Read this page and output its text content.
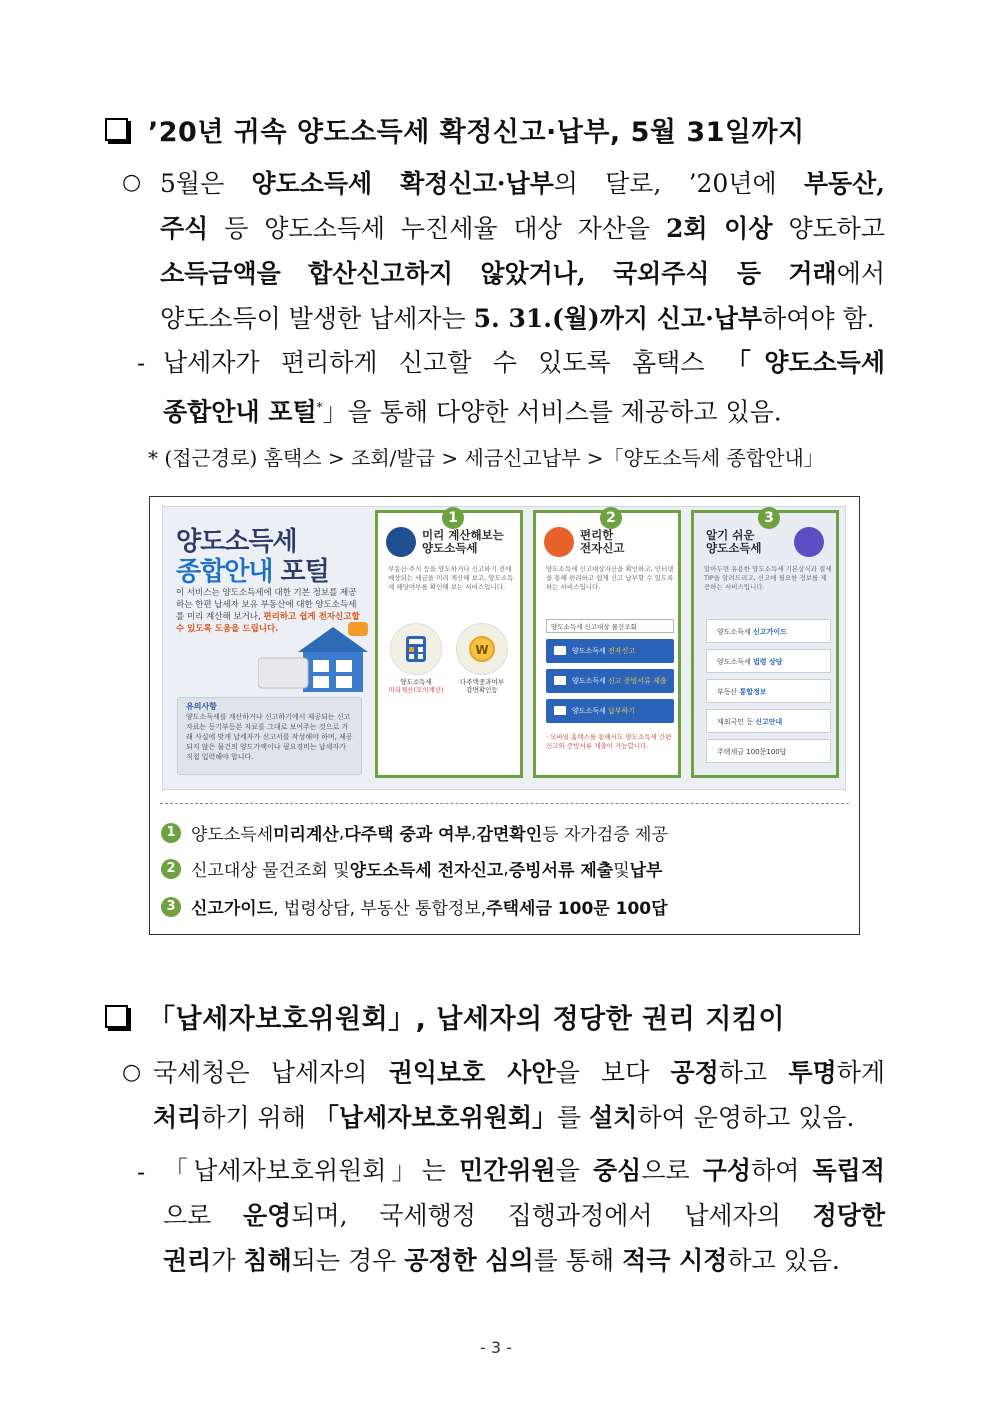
’20년 귀속 양도소득세 확정신고·납부, 5월 31일까지
○ 5월은 양도소득세 확정신고·납부의 달로, ’20년에 부동산,
주식 등 양도소득세 누진세율 대상 자산을 2회 이상 양도하고
소득금액을 합산신고하지 않았거나, 국외주식 등 거래에서
양도소득이 발생한 납세자는 5. 31.(월)까지 신고·납부하여야 함.
- 납세자가 편리하게 신고할 수 있도록 홈택스 「양도소득세
종합안내 포털*」을 통해 다양한 서비스를 제공하고 있음.
* (접근경로) 홈택스 > 조회/발급 > 세금신고납부 >「양도소득세 종합안내」
양도소득세
종합안내 포털
이 서비스는 양도소득세에 대한 기본 정보를 제공하는 한편 납세자 보유 부동산에 대한 양도소득세를 미리 계산해 보거나, 편리하고 쉽게 전자신고할 수 있도록 도움을 드립니다.
유의사항
양도소득세를 계산하거나 신고하기에서 제공되는 신고 자료는 등기부등본 자료를 그대로 보여주는 것으로 거래 사실에 맞게 납세자가 신고서를 작성해야 하며, 제공되지 않은 물건의 양도가액이나 필요경비는 납세자가 직접 입력해야 합니다.
1
미리 계산해보는
양도소득세
부동산·주식 등을 양도하거나 신고하기 전에 예상되는 세금을 미리 계산해 보고, 양도소득세 해당여부를 확인해 보는 서비스입니다.
W
양도소득세
미리계산(모의계산)
다주택중과여부
감면확인등
2
편리한
전자신고
양도소득세 신고대상자산을 확인하고, 인터넷을 통해 편리하고 쉽게 신고 납부할 수 있도록 하는 서비스입니다.
양도소득세 신고대상 물건조회
양도소득세 전자신고
양도소득세 신고 증빙서류 제출
양도소득세 납부하기
· 모바일 홈택스를 통해서도 양도소득세 간편신고와 증빙서류 제출이 가능합니다.
3
알기 쉬운
양도소득세
알아두면 유용한 양도소득세 기본상식과 절세 TIP을 알려드리고, 신고에 필요한 정보를 제공하는 서비스입니다.
양도소득세 신고가이드
양도소득세 법령 상담
부동산 통합정보
재외국민 등 신고안내
주택세금 100문100답
1 양도소득세 미리계산 , 다주택 중과 여부 , 감면확인 등 자가검증 제공
2 신고대상 물건조회 및 양도소득세 전자신고 , 증빙서류 제출 및 납부
3 신고가이드 , 법령상담, 부동산 통합정보, 주택세금 100문 100답
「납세자보호위원회」, 납세자의 정당한 권리 지킴이
○ 국세청은 납세자의 권익보호 사안을 보다 공정하고 투명하게
처리하기 위해 「납세자보호위원회」를 설치하여 운영하고 있음.
- 「납세자보호위원회」는 민간위원을 중심으로 구성하여 독립적
으로 운영되며, 국세행정 집행과정에서 납세자의 정당한
권리가 침해되는 경우 공정한 심의를 통해 적극 시정하고 있음.
- 3 -
